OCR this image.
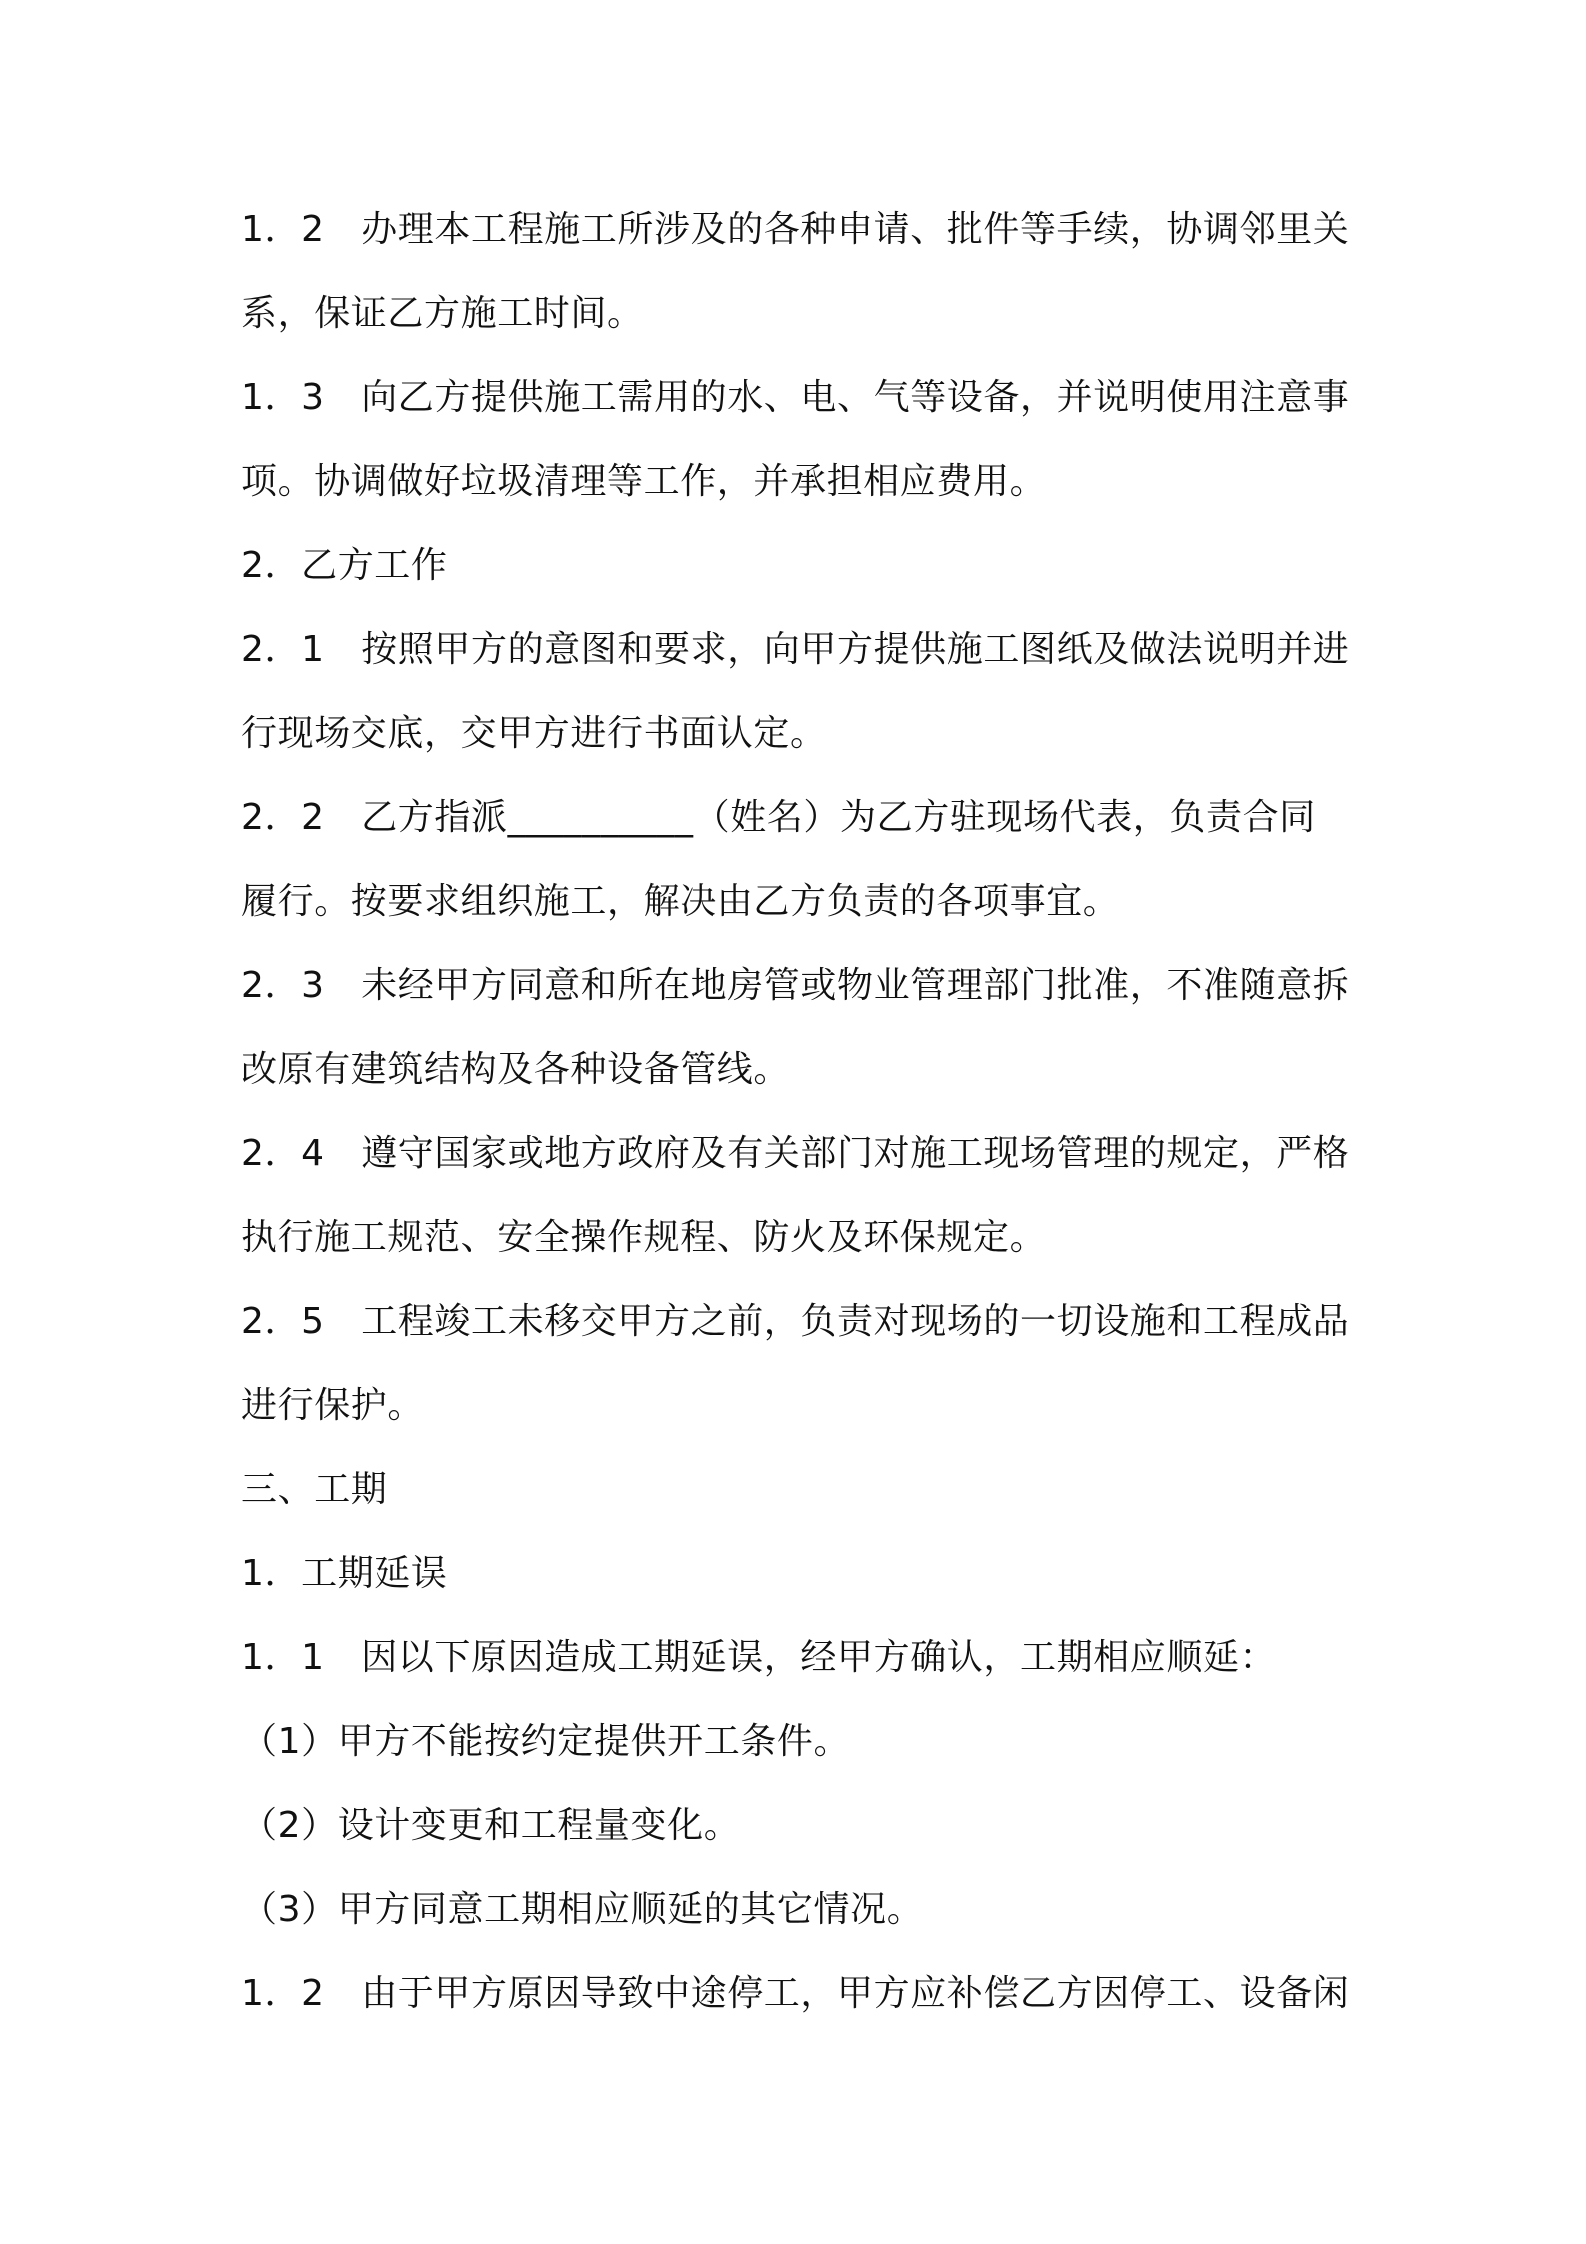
1．2　办理本工程施工所涉及的各种申请、批件等手续，协调邻里关
系，保证乙方施工时间。
1．3　向乙方提供施工需用的水、电、气等设备，并说明使用注意事
项。协调做好垃圾清理等工作，并承担相应费用。
2．乙方工作
2．1　按照甲方的意图和要求，向甲方提供施工图纸及做法说明并进
行现场交底，交甲方进行书面认定。
2．2　乙方指派__________（姓名）为乙方驻现场代表，负责合同
履行。按要求组织施工，解决由乙方负责的各项事宜。
2．3　未经甲方同意和所在地房管或物业管理部门批准，不准随意拆
改原有建筑结构及各种设备管线。
2．4　遵守国家或地方政府及有关部门对施工现场管理的规定，严格
执行施工规范、安全操作规程、防火及环保规定。
2．5　工程竣工未移交甲方之前，负责对现场的一切设施和工程成品
进行保护。
三、工期
1．工期延误
1．1　因以下原因造成工期延误，经甲方确认，工期相应顺延：
（1）甲方不能按约定提供开工条件。
（2）设计变更和工程量变化。
（3）甲方同意工期相应顺延的其它情况。
1．2　由于甲方原因导致中途停工，甲方应补偿乙方因停工、设备闲
